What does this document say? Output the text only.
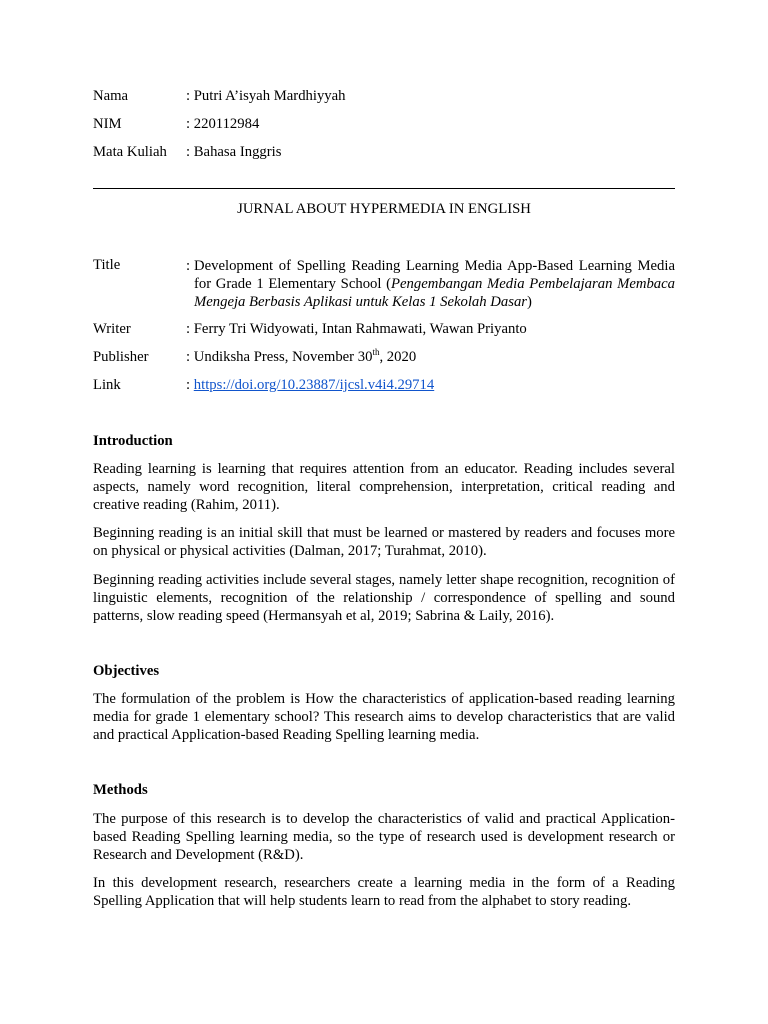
Nama	: Putri A’isyah Mardhiyyah
NIM	: 220112984
Mata Kuliah : Bahasa Inggris
JURNAL ABOUT HYPERMEDIA IN ENGLISH
Title	: Development of Spelling Reading Learning Media App-Based Learning Media for Grade 1 Elementary School (Pengembangan Media Pembelajaran Membaca Mengeja Berbasis Aplikasi untuk Kelas 1 Sekolah Dasar)
Writer	: Ferry Tri Widyowati, Intan Rahmawati, Wawan Priyanto
Publisher	: Undiksha Press, November 30th, 2020
Link	: https://doi.org/10.23887/ijcsl.v4i4.29714
Introduction

Reading learning is learning that requires attention from an educator. Reading includes several aspects, namely word recognition, literal comprehension, interpretation, critical reading and creative reading (Rahim, 2011).

Beginning reading is an initial skill that must be learned or mastered by readers and focuses more on physical or physical activities (Dalman, 2017; Turahmat, 2010).

Beginning reading activities include several stages, namely letter shape recognition, recognition of linguistic elements, recognition of the relationship / correspondence of spelling and sound patterns, slow reading speed (Hermansyah et al, 2019; Sabrina & Laily, 2016).

Objectives

The formulation of the problem is How the characteristics of application-based reading learning media for grade 1 elementary school? This research aims to develop characteristics that are valid and practical Application-based Reading Spelling learning media.

Methods

The purpose of this research is to develop the characteristics of valid and practical Application-based Reading Spelling learning media, so the type of research used is development research or Research and Development (R&D).

In this development research, researchers create a learning media in the form of a Reading Spelling Application that will help students learn to read from the alphabet to story reading.
